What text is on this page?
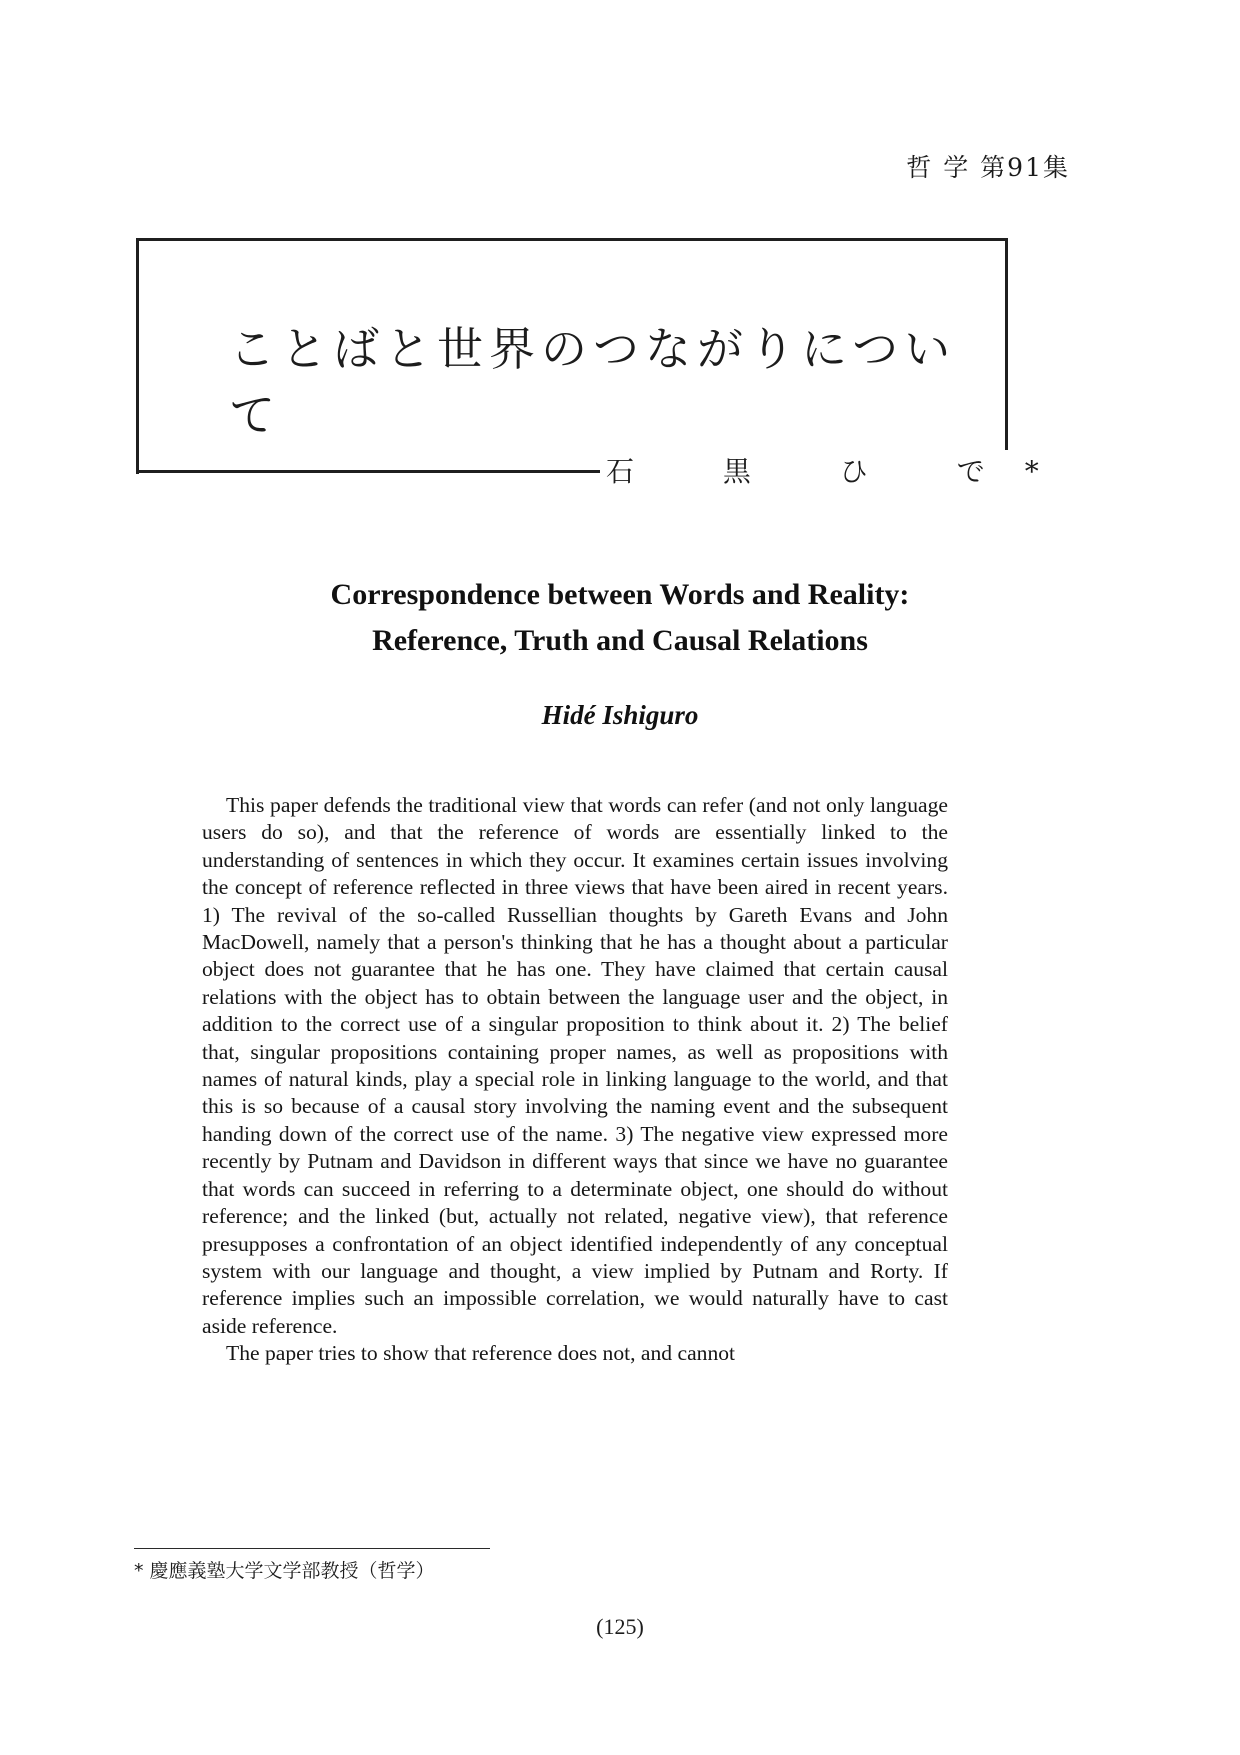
哲 学 第91集
ことばと世界のつながりについて
石 黒 ひ で*
Correspondence between Words and Reality:
Reference, Truth and Causal Relations
Hidé Ishiguro

This paper defends the traditional view that words can refer (and not only language users do so), and that the reference of words are essentially linked to the understanding of sentences in which they occur. It examines certain issues involving the concept of reference reflected in three views that have been aired in recent years. 1) The revival of the so-called Russellian thoughts by Gareth Evans and John MacDowell, namely that a person's thinking that he has a thought about a particular object does not guarantee that he has one. They have claimed that certain causal relations with the object has to obtain between the language user and the object, in addition to the correct use of a singular proposition to think about it. 2) The belief that, singular propositions containing proper names, as well as propositions with names of natural kinds, play a special role in linking language to the world, and that this is so because of a causal story involving the naming event and the subsequent handing down of the correct use of the name. 3) The negative view expressed more recently by Putnam and Davidson in different ways that since we have no guarantee that words can succeed in referring to a determinate object, one should do without reference; and the linked (but, actually not related, negative view), that reference presupposes a confrontation of an object identified independently of any conceptual system with our language and thought, a view implied by Putnam and Rorty. If reference implies such an impossible correlation, we would naturally have to cast aside reference.

The paper tries to show that reference does not, and cannot

* 慶應義塾大学文学部教授（哲学）
(125)
